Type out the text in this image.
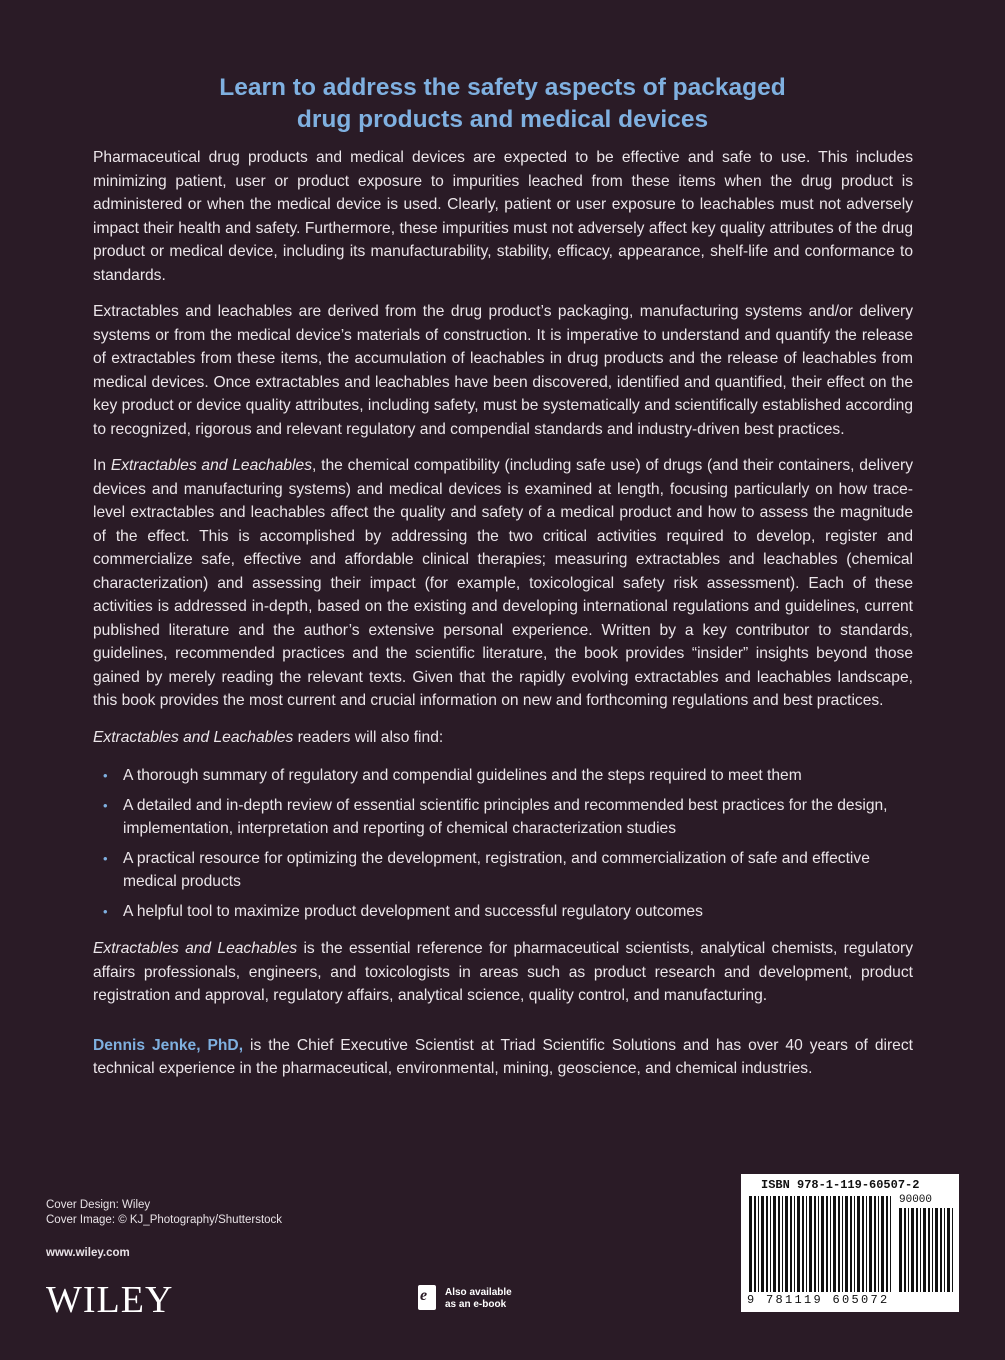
Learn to address the safety aspects of packaged
drug products and medical devices

Pharmaceutical drug products and medical devices are expected to be effective and safe to use. This includes minimizing patient, user or product exposure to impurities leached from these items when the drug product is administered or when the medical device is used. Clearly, patient or user exposure to leachables must not adversely impact their health and safety. Furthermore, these impurities must not adversely affect key quality attributes of the drug product or medical device, including its manufacturability, stability, efficacy, appearance, shelf-life and conformance to standards.

Extractables and leachables are derived from the drug product’s packaging, manufacturing systems and/or delivery systems or from the medical device’s materials of construction. It is imperative to understand and quantify the release of extractables from these items, the accumulation of leachables in drug products and the release of leachables from medical devices. Once extractables and leachables have been discovered, identified and quantified, their effect on the key product or device quality attributes, including safety, must be systematically and scientifically established according to recognized, rigorous and relevant regulatory and compendial standards and industry-driven best practices.

In Extractables and Leachables, the chemical compatibility (including safe use) of drugs (and their containers, delivery devices and manufacturing systems) and medical devices is examined at length, focusing particularly on how trace-level extractables and leachables affect the quality and safety of a medical product and how to assess the magnitude of the effect. This is accomplished by addressing the two critical activities required to develop, register and commercialize safe, effective and affordable clinical therapies; measuring extractables and leachables (chemical characterization) and assessing their impact (for example, toxicological safety risk assessment). Each of these activities is addressed in-depth, based on the existing and developing international regulations and guidelines, current published literature and the author’s extensive personal experience. Written by a key contributor to standards, guidelines, recommended practices and the scientific literature, the book provides “insider” insights beyond those gained by merely reading the relevant texts. Given that the rapidly evolving extractables and leachables landscape, this book provides the most current and crucial information on new and forthcoming regulations and best practices.

Extractables and Leachables readers will also find:

• A thorough summary of regulatory and compendial guidelines and the steps required to meet them
• A detailed and in-depth review of essential scientific principles and recommended best practices for the design, implementation, interpretation and reporting of chemical characterization studies
• A practical resource for optimizing the development, registration, and commercialization of safe and effective medical products
• A helpful tool to maximize product development and successful regulatory outcomes

Extractables and Leachables is the essential reference for pharmaceutical scientists, analytical chemists, regulatory affairs professionals, engineers, and toxicologists in areas such as product research and development, product registration and approval, regulatory affairs, analytical science, quality control, and manufacturing.

Dennis Jenke, PhD, is the Chief Executive Scientist at Triad Scientific Solutions and has over 40 years of direct technical experience in the pharmaceutical, environmental, mining, geoscience, and chemical industries.

Cover Design: Wiley
Cover Image: © KJ_Photography/Shutterstock
www.wiley.com
WILEY	e Also available
as an e-book
ISBN 978-1-119-60507-2
90000
9 781119 605072
